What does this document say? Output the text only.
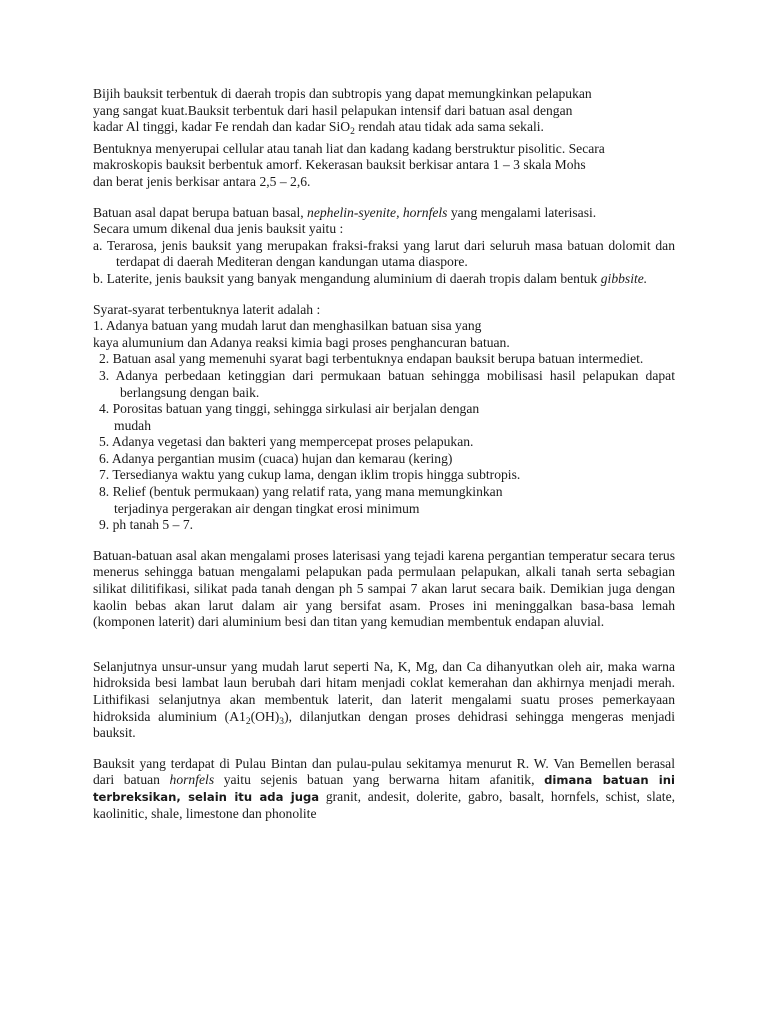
Bijih bauksit terbentuk di daerah tropis dan subtropis yang dapat memungkinkan pelapukan
yang sangat kuat.Bauksit terbentuk dari hasil pelapukan intensif dari batuan asal dengan
kadar Al tinggi, kadar Fe rendah dan kadar SiO$_2$ rendah atau tidak ada sama sekali.

Bentuknya menyerupai cellular atau tanah liat dan kadang kadang berstruktur pisolitic. Secara
makroskopis bauksit berbentuk amorf. Kekerasan bauksit berkisar antara 1 – 3 skala Mohs
dan berat jenis berkisar antara 2,5 – 2,6.

Batuan asal dapat berupa batuan basal, nephelin-syenite, hornfels yang mengalami laterisasi.
Secara umum dikenal dua jenis bauksit yaitu :

a. Terarosa, jenis bauksit yang merupakan fraksi-fraksi yang larut dari seluruh masa batuan dolomit dan terdapat di daerah Mediteran dengan kandungan utama diaspore.

b. Laterite, jenis bauksit yang banyak mengandung aluminium di daerah tropis dalam bentuk gibbsite.

Syarat-syarat terbentuknya laterit adalah :

1. Adanya batuan yang mudah larut dan menghasilkan batuan sisa yang
kaya alumunium dan Adanya reaksi kimia bagi proses penghancuran batuan.

2. Batuan asal yang memenuhi syarat bagi terbentuknya endapan bauksit berupa batuan intermediet.

3. Adanya perbedaan ketinggian dari permukaan batuan sehingga mobilisasi hasil pelapukan dapat berlangsung dengan baik.

4. Porositas batuan yang tinggi, sehingga sirkulasi air berjalan dengan
mudah

5. Adanya vegetasi dan bakteri yang mempercepat proses pelapukan.

6. Adanya pergantian musim (cuaca) hujan dan kemarau (kering)

7. Tersedianya waktu yang cukup lama, dengan iklim tropis hingga subtropis.

8. Relief (bentuk permukaan) yang relatif rata, yang mana memungkinkan
terjadinya pergerakan air dengan tingkat erosi minimum

9. ph tanah 5 – 7.

Batuan-batuan asal akan mengalami proses laterisasi yang tejadi karena pergantian temperatur secara terus menerus sehingga batuan mengalami pelapukan pada permulaan pelapukan, alkali tanah serta sebagian silikat dilitifikasi, silikat pada tanah dengan ph 5 sampai 7 akan larut secara baik. Demikian juga dengan kaolin bebas akan larut dalam air yang bersifat asam. Proses ini meninggalkan basa-basa lemah (komponen laterit) dari aluminium besi dan titan yang kemudian membentuk endapan aluvial.

Selanjutnya unsur-unsur yang mudah larut seperti Na, K, Mg, dan Ca dihanyutkan oleh air, maka warna hidroksida besi lambat laun berubah dari hitam menjadi coklat kemerahan dan akhirnya menjadi merah. Lithifikasi selanjutnya akan membentuk laterit, dan laterit mengalami suatu proses pemerkayaan hidroksida aluminium $(A1_2(OH)_3)$, dilanjutkan dengan proses dehidrasi sehingga mengeras menjadi bauksit.

Bauksit yang terdapat di Pulau Bintan dan pulau-pulau sekitamya menurut R. W. Van Bemellen berasal dari batuan hornfels yaitu sejenis batuan yang berwarna hitam afanitik, dimana batuan ini terbreksikan, selain itu ada juga granit, andesit, dolerite, gabro, basalt, hornfels, schist, slate, kaolinitic, shale, limestone dan phonolite
